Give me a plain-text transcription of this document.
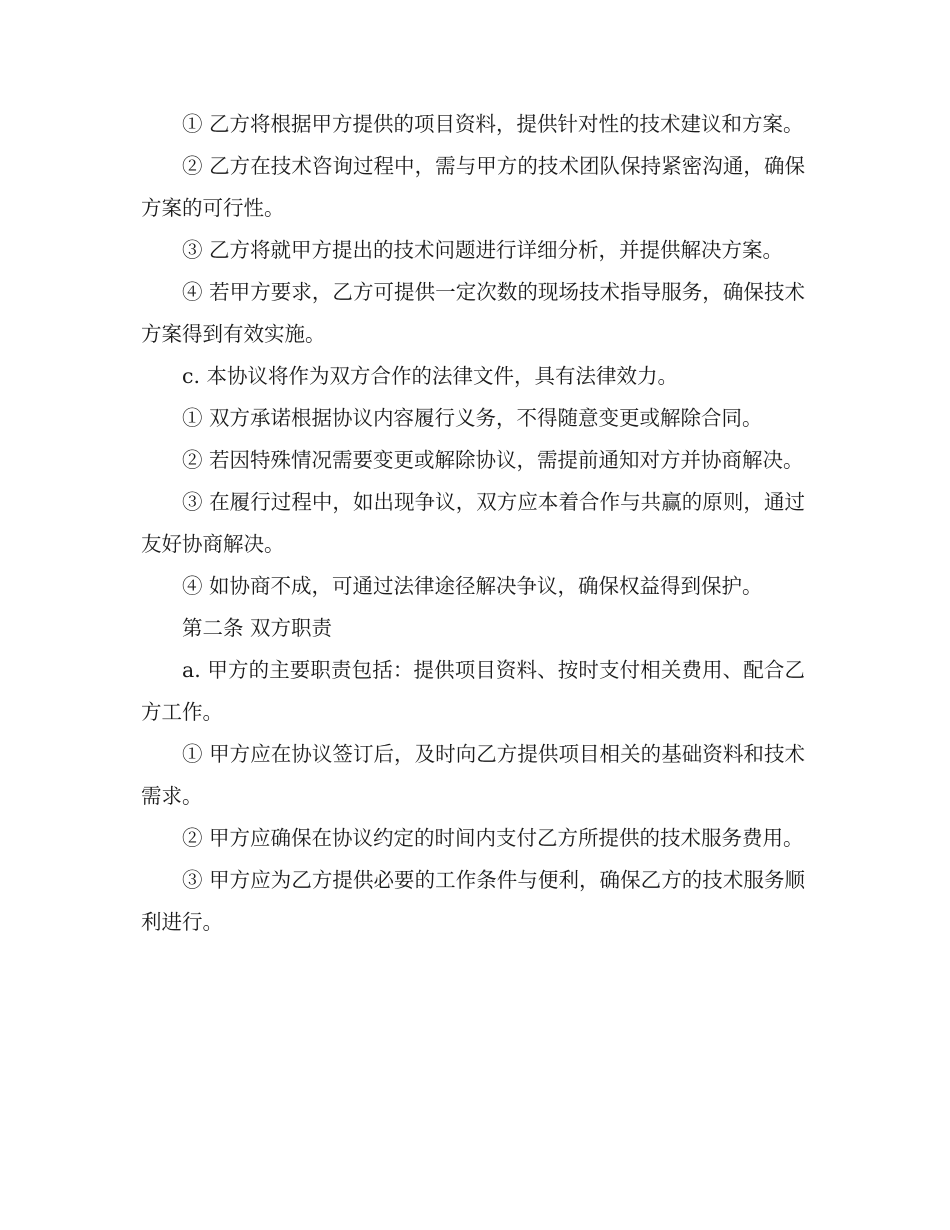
① 乙方将根据甲方提供的项目资料，提供针对性的技术建议和方案。

② 乙方在技术咨询过程中，需与甲方的技术团队保持紧密沟通，确保方案的可行性。

③ 乙方将就甲方提出的技术问题进行详细分析，并提供解决方案。

④ 若甲方要求，乙方可提供一定次数的现场技术指导服务，确保技术方案得到有效实施。

c. 本协议将作为双方合作的法律文件，具有法律效力。

① 双方承诺根据协议内容履行义务，不得随意变更或解除合同。

② 若因特殊情况需要变更或解除协议，需提前通知对方并协商解决。

③ 在履行过程中，如出现争议，双方应本着合作与共赢的原则，通过友好协商解决。

④ 如协商不成，可通过法律途径解决争议，确保权益得到保护。

第二条 双方职责

a. 甲方的主要职责包括：提供项目资料、按时支付相关费用、配合乙方工作。

① 甲方应在协议签订后，及时向乙方提供项目相关的基础资料和技术需求。

② 甲方应确保在协议约定的时间内支付乙方所提供的技术服务费用。

③ 甲方应为乙方提供必要的工作条件与便利，确保乙方的技术服务顺利进行。
